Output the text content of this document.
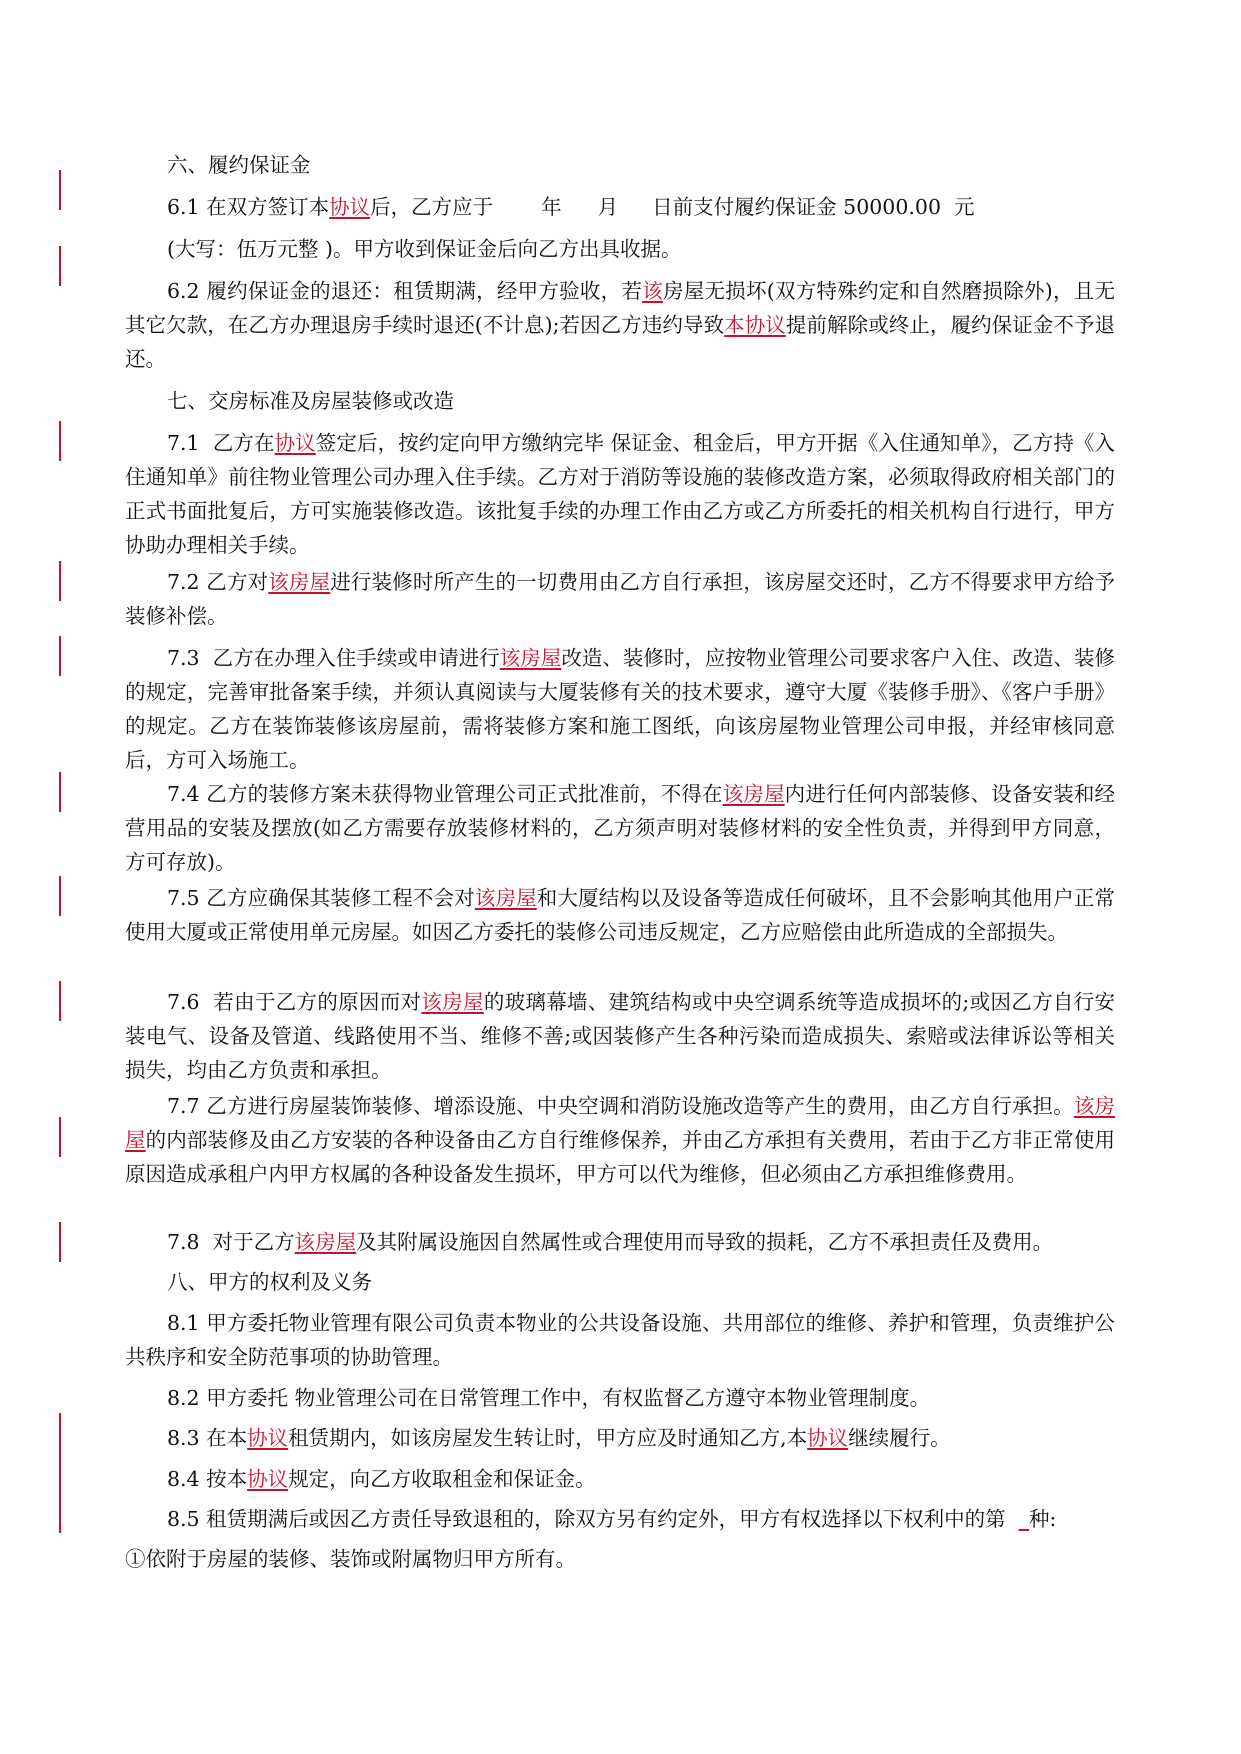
六、履约保证金

6.1 在双方签订本协议后，乙方应于 年 月 日前支付履约保证金 50000.00 元

(大写：伍万元整 )。甲方收到保证金后向乙方出具收据。

6.2 履约保证金的退还：租赁期满，经甲方验收，若该房屋无损坏(双方特殊约定和自然磨损除外)，且无其它欠款，在乙方办理退房手续时退还(不计息);若因乙方违约导致本协议提前解除或终止，履约保证金不予退还。

七、交房标准及房屋装修或改造

7.1 乙方在协议签定后，按约定向甲方缴纳完毕 保证金、租金后，甲方开据《入住通知单》，乙方持《入住通知单》前往物业管理公司办理入住手续。乙方对于消防等设施的装修改造方案，必须取得政府相关部门的正式书面批复后，方可实施装修改造。该批复手续的办理工作由乙方或乙方所委托的相关机构自行进行，甲方协助办理相关手续。

7.2 乙方对该房屋进行装修时所产生的一切费用由乙方自行承担，该房屋交还时，乙方不得要求甲方给予装修补偿。

7.3 乙方在办理入住手续或申请进行该房屋改造、装修时，应按物业管理公司要求客户入住、改造、装修的规定，完善审批备案手续，并须认真阅读与大厦装修有关的技术要求，遵守大厦《装修手册》、《客户手册》的规定。乙方在装饰装修该房屋前，需将装修方案和施工图纸，向该房屋物业管理公司申报，并经审核同意后，方可入场施工。

7.4 乙方的装修方案未获得物业管理公司正式批准前，不得在该房屋内进行任何内部装修、设备安装和经营用品的安装及摆放(如乙方需要存放装修材料的，乙方须声明对装修材料的安全性负责，并得到甲方同意，方可存放)。

7.5 乙方应确保其装修工程不会对该房屋和大厦结构以及设备等造成任何破坏，且不会影响其他用户正常使用大厦或正常使用单元房屋。如因乙方委托的装修公司违反规定，乙方应赔偿由此所造成的全部损失。

7.6 若由于乙方的原因而对该房屋的玻璃幕墙、建筑结构或中央空调系统等造成损坏的;或因乙方自行安装电气、设备及管道、线路使用不当、维修不善;或因装修产生各种污染而造成损失、索赔或法律诉讼等相关损失，均由乙方负责和承担。

7.7 乙方进行房屋装饰装修、增添设施、中央空调和消防设施改造等产生的费用，由乙方自行承担。该房屋的内部装修及由乙方安装的各种设备由乙方自行维修保养，并由乙方承担有关费用，若由于乙方非正常使用原因造成承租户内甲方权属的各种设备发生损坏，甲方可以代为维修，但必须由乙方承担维修费用。

7.8 对于乙方该房屋及其附属设施因自然属性或合理使用而导致的损耗，乙方不承担责任及费用。

八、甲方的权利及义务

8.1 甲方委托物业管理有限公司负责本物业的公共设备设施、共用部位的维修、养护和管理，负责维护公共秩序和安全防范事项的协助管理。

8.2 甲方委托 物业管理公司在日常管理工作中，有权监督乙方遵守本物业管理制度。

8.3 在本协议租赁期内，如该房屋发生转让时，甲方应及时通知乙方,本协议继续履行。

8.4 按本协议规定，向乙方收取租金和保证金。

8.5 租赁期满后或因乙方责任导致退租的，除双方另有约定外，甲方有权选择以下权利中的第 _种:

①依附于房屋的装修、装饰或附属物归甲方所有。
